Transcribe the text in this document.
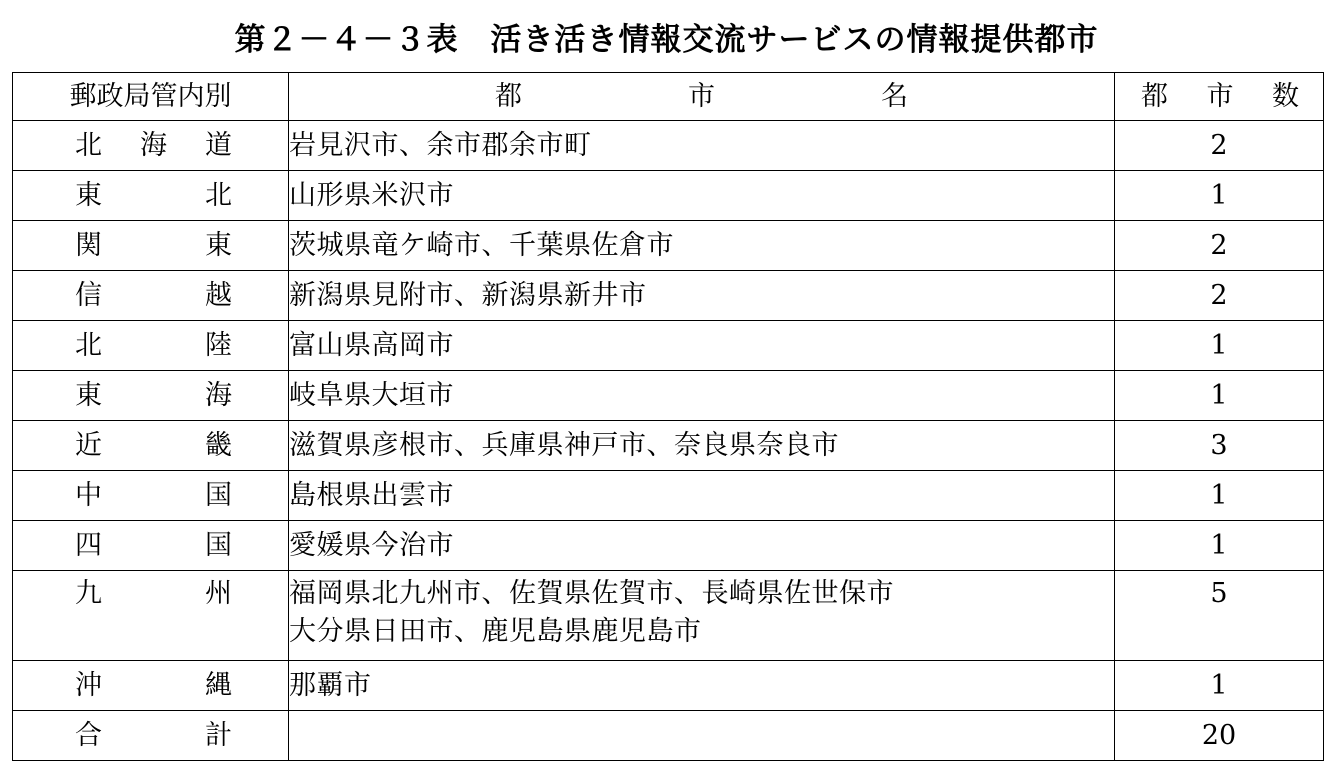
第２－４－３表　活き活き情報交流サービスの情報提供都市
郵政局管内別	都 市 名	都 市 数

北 海 道	岩見沢市、余市郡余市町	2

東 北	山形県米沢市	1

関 東	茨城県竜ケ崎市、千葉県佐倉市	2

信 越	新潟県見附市、新潟県新井市	2

北 陸	富山県高岡市	1

東 海	岐阜県大垣市	1

近 畿	滋賀県彦根市、兵庫県神戸市、奈良県奈良市	3

中 国	島根県出雲市	1

四 国	愛媛県今治市	1

九 州	福岡県北九州市、佐賀県佐賀市、長崎県佐世保市
大分県日田市、鹿児島県鹿児島市	5

沖 縄	那覇市	1

合 計		20
